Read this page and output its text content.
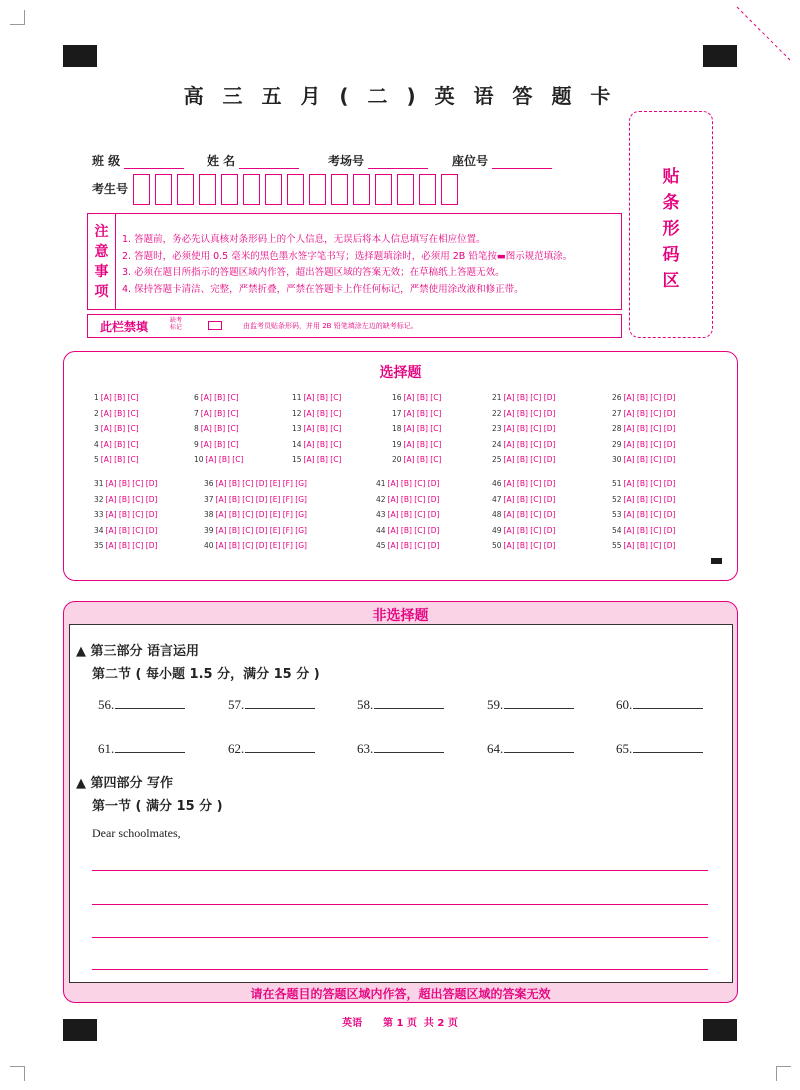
高 三 五 月 ( 二 ) 英 语 答 题 卡
班 级	姓 名	考场号	座位号
考生号
贴
条
形
码
区
注
意
事
项
1. 答题前，务必先认真核对条形码上的个人信息，无误后将本人信息填写在相应位置。
2. 答题时，必须使用 0.5 毫米的黑色墨水签字笔书写；选择题填涂时，必须用 2B 铅笔按▬图示规范填涂。
3. 必须在题目所指示的答题区域内作答，超出答题区域的答案无效；在草稿纸上答题无效。
4. 保持答题卡清洁、完整，严禁折叠，严禁在答题卡上作任何标记，严禁使用涂改液和修正带。
此栏禁填	缺考
标记	由监考员贴条形码，并用 2B 铅笔填涂左边的缺考标记。
选择题
1 [A] [B] [C]
2 [A] [B] [C]
3 [A] [B] [C]
4 [A] [B] [C]
5 [A] [B] [C]
6 [A] [B] [C]
7 [A] [B] [C]
8 [A] [B] [C]
9 [A] [B] [C]
10 [A] [B] [C]
11 [A] [B] [C]
12 [A] [B] [C]
13 [A] [B] [C]
14 [A] [B] [C]
15 [A] [B] [C]
16 [A] [B] [C]
17 [A] [B] [C]
18 [A] [B] [C]
19 [A] [B] [C]
20 [A] [B] [C]
21 [A] [B] [C] [D]
22 [A] [B] [C] [D]
23 [A] [B] [C] [D]
24 [A] [B] [C] [D]
25 [A] [B] [C] [D]
26 [A] [B] [C] [D]
27 [A] [B] [C] [D]
28 [A] [B] [C] [D]
29 [A] [B] [C] [D]
30 [A] [B] [C] [D]
31 [A] [B] [C] [D]
32 [A] [B] [C] [D]
33 [A] [B] [C] [D]
34 [A] [B] [C] [D]
35 [A] [B] [C] [D]
36 [A] [B] [C] [D] [E] [F] [G]
37 [A] [B] [C] [D] [E] [F] [G]
38 [A] [B] [C] [D] [E] [F] [G]
39 [A] [B] [C] [D] [E] [F] [G]
40 [A] [B] [C] [D] [E] [F] [G]
41 [A] [B] [C] [D]
42 [A] [B] [C] [D]
43 [A] [B] [C] [D]
44 [A] [B] [C] [D]
45 [A] [B] [C] [D]
46 [A] [B] [C] [D]
47 [A] [B] [C] [D]
48 [A] [B] [C] [D]
49 [A] [B] [C] [D]
50 [A] [B] [C] [D]
51 [A] [B] [C] [D]
52 [A] [B] [C] [D]
53 [A] [B] [C] [D]
54 [A] [B] [C] [D]
55 [A] [B] [C] [D]
非选择题
请在各题目的答题区域内作答，超出答题区域的答案无效
▲ 第三部分 语言运用
第二节 ( 每小题 1.5 分，满分 15 分 )
56.	57.	58.	59.	60.
61.	62.	63.	64.	65.
▲ 第四部分 写作
第一节 ( 满分 15 分 )
Dear schoolmates,
英语      第 1 页  共 2 页
